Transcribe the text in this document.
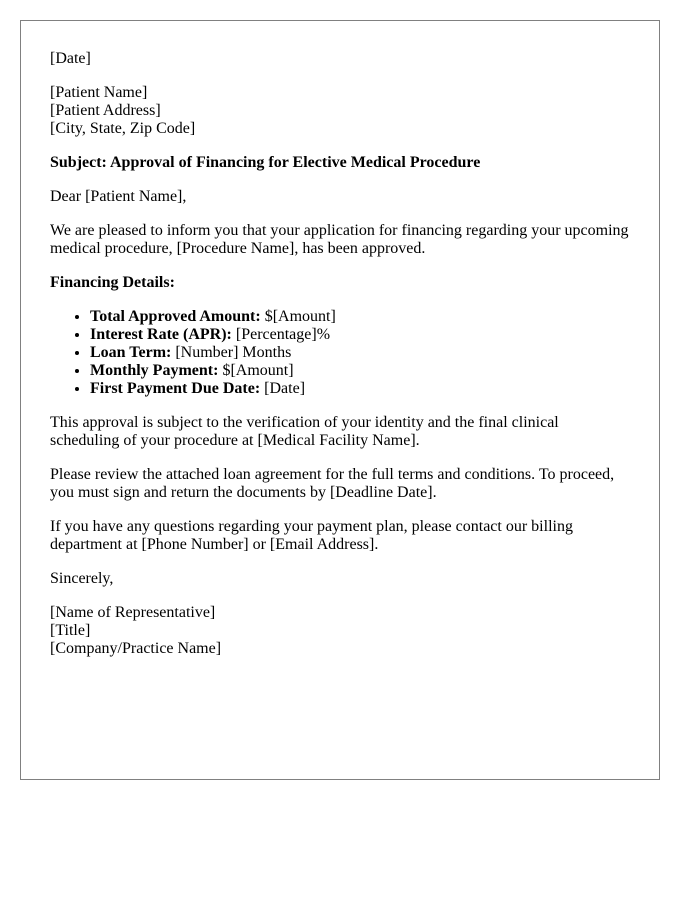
[Date]

[Patient Name]
[Patient Address]
[City, State, Zip Code]

Subject: Approval of Financing for Elective Medical Procedure

Dear [Patient Name],

We are pleased to inform you that your application for financing regarding your upcoming medical procedure, [Procedure Name], has been approved.

Financing Details:

• Total Approved Amount: $[Amount]
• Interest Rate (APR): [Percentage]%
• Loan Term: [Number] Months
• Monthly Payment: $[Amount]
• First Payment Due Date: [Date]

This approval is subject to the verification of your identity and the final clinical scheduling of your procedure at [Medical Facility Name].

Please review the attached loan agreement for the full terms and conditions. To proceed, you must sign and return the documents by [Deadline Date].

If you have any questions regarding your payment plan, please contact our billing department at [Phone Number] or [Email Address].

Sincerely,

[Name of Representative]
[Title]
[Company/Practice Name]
